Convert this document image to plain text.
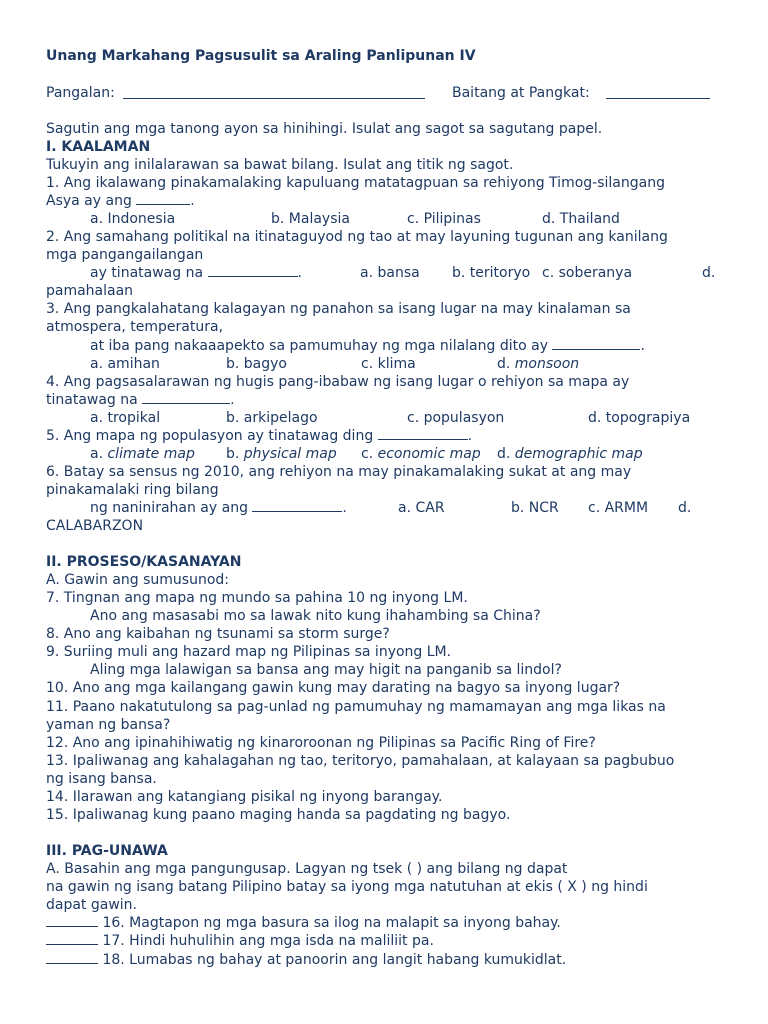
Unang Markahang Pagsusulit sa Araling Panlipunan IV
Pangalan:	Baitang at Pangkat:
Sagutin ang mga tanong ayon sa hinihingi. Isulat ang sagot sa sagutang papel.
I. KAALAMAN
Tukuyin ang inilalarawan sa bawat bilang. Isulat ang titik ng sagot.
1. Ang ikalawang pinakamalaking kapuluang matatagpuan sa rehiyong Timog-silangang
Asya ay ang	.
a. Indonesia	b. Malaysia	c. Pilipinas	d. Thailand
2. Ang samahang politikal na itinataguyod ng tao at may layuning tugunan ang kanilang
mga pangangailangan
ay tinatawag na	.	a. bansa b. teritoryo c. soberanya	d.
pamahalaan
3. Ang pangkalahatang kalagayan ng panahon sa isang lugar na may kinalaman sa
atmospera, temperatura,
at iba pang nakaaapekto sa pamumuhay ng mga nilalang dito ay	.
a. amihan	b. bagyo	c. klima	d. monsoon
4. Ang pagsasalarawan ng hugis pang-ibabaw ng isang lugar o rehiyon sa mapa ay
tinatawag na	.
a. tropikal	b. arkipelago	c. populasyon	d. topograpiya
5. Ang mapa ng populasyon ay tinatawag ding	.
a. climate map b. physical map c. economic map d. demographic map
6. Batay sa sensus ng 2010, ang rehiyon na may pinakamalaking sukat at ang may
pinakamalaki ring bilang
ng naninirahan ay ang	.	a. CAR	b. NCR c. ARMM d.
CALABARZON
II. PROSESO/KASANAYAN
A. Gawin ang sumusunod:
7. Tingnan ang mapa ng mundo sa pahina 10 ng inyong LM.
Ano ang masasabi mo sa lawak nito kung ihahambing sa China?
8. Ano ang kaibahan ng tsunami sa storm surge?
9. Suriing muli ang hazard map ng Pilipinas sa inyong LM.
Aling mga lalawigan sa bansa ang may higit na panganib sa lindol?
10. Ano ang mga kailangang gawin kung may darating na bagyo sa inyong lugar?
11. Paano nakatutulong sa pag-unlad ng pamumuhay ng mamamayan ang mga likas na
yaman ng bansa?
12. Ano ang ipinahihiwatig ng kinaroroonan ng Pilipinas sa Pacific Ring of Fire?
13. Ipaliwanag ang kahalagahan ng tao, teritoryo, pamahalaan, at kalayaan sa pagbubuo
ng isang bansa.
14. Ilarawan ang katangiang pisikal ng inyong barangay.
15. Ipaliwanag kung paano maging handa sa pagdating ng bagyo.
III. PAG-UNAWA
A. Basahin ang mga pangungusap. Lagyan ng tsek ( ) ang bilang ng dapat
na gawin ng isang batang Pilipino batay sa iyong mga natutuhan at ekis ( X ) ng hindi
dapat gawin.
16. Magtapon ng mga basura sa ilog na malapit sa inyong bahay.
17. Hindi huhulihin ang mga isda na maliliit pa.
18. Lumabas ng bahay at panoorin ang langit habang kumukidlat.
